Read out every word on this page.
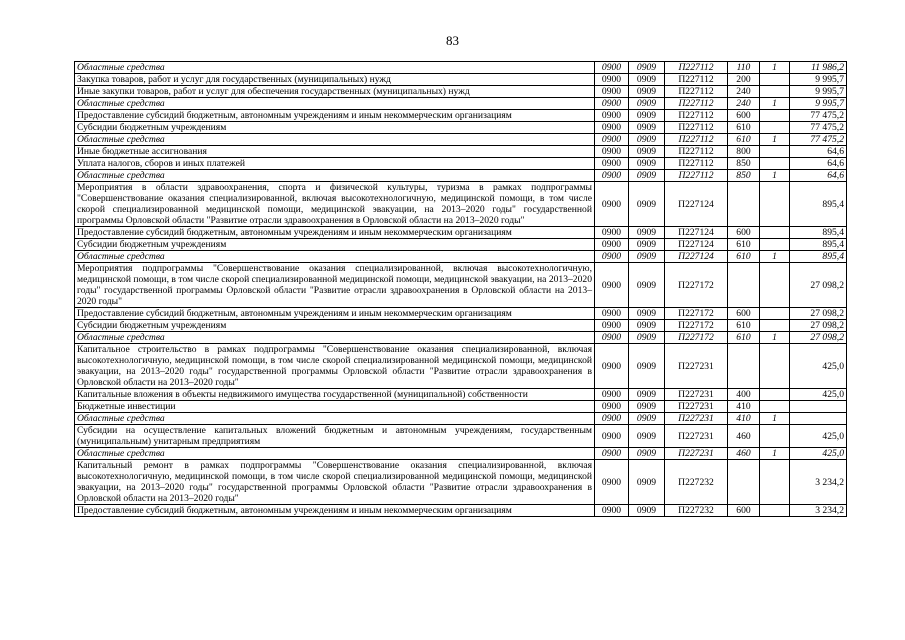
83
Областные средства	0900	0909	П227112	110	1	11 986,2
Закупка товаров, работ и услуг для государственных (муниципальных) нужд	0900	0909	П227112	200		9 995,7
Иные закупки товаров, работ и услуг для обеспечения государственных (муниципальных) нужд	0900	0909	П227112	240		9 995,7
Областные средства	0900	0909	П227112	240	1	9 995,7
Предоставление субсидий бюджетным, автономным учреждениям и иным некоммерческим организациям	0900	0909	П227112	600		77 475,2
Субсидии бюджетным учреждениям	0900	0909	П227112	610		77 475,2
Областные средства	0900	0909	П227112	610	1	77 475,2
Иные бюджетные ассигнования	0900	0909	П227112	800		64,6
Уплата налогов, сборов и иных платежей	0900	0909	П227112	850		64,6
Областные средства	0900	0909	П227112	850	1	64,6
Мероприятия в области здравоохранения, спорта и физической культуры, туризма в рамках подпрограммы "Совершенствование оказания специализированной, включая высокотехнологичную, медицинской помощи, в том числе скорой специализированной медицинской помощи, медицинской эвакуации, на 2013–2020 годы" государственной программы Орловской области "Развитие отрасли здравоохранения в Орловской области на 2013–2020 годы"	0900	0909	П227124			895,4
Предоставление субсидий бюджетным, автономным учреждениям и иным некоммерческим организациям	0900	0909	П227124	600		895,4
Субсидии бюджетным учреждениям	0900	0909	П227124	610		895,4
Областные средства	0900	0909	П227124	610	1	895,4
Мероприятия подпрограммы "Совершенствование оказания специализированной, включая высокотехнологичную, медицинской помощи, в том числе скорой специализированной медицинской помощи, медицинской эвакуации, на 2013–2020 годы" государственной программы Орловской области "Развитие отрасли здравоохранения в Орловской области на 2013–2020 годы"	0900	0909	П227172			27 098,2
Предоставление субсидий бюджетным, автономным учреждениям и иным некоммерческим организациям	0900	0909	П227172	600		27 098,2
Субсидии бюджетным учреждениям	0900	0909	П227172	610		27 098,2
Областные средства	0900	0909	П227172	610	1	27 098,2
Капитальное строительство в рамках подпрограммы "Совершенствование оказания специализированной, включая высокотехнологичную, медицинской помощи, в том числе скорой специализированной медицинской помощи, медицинской эвакуации, на 2013–2020 годы" государственной программы Орловской области "Развитие отрасли здравоохранения в Орловской области на 2013–2020 годы"	0900	0909	П227231			425,0
Капитальные вложения в объекты недвижимого имущества государственной (муниципальной) собственности	0900	0909	П227231	400		425,0
Бюджетные инвестиции	0900	0909	П227231	410		
Областные средства	0900	0909	П227231	410	1	
Субсидии на осуществление капитальных вложений бюджетным и автономным учреждениям, государственным (муниципальным) унитарным предприятиям	0900	0909	П227231	460		425,0
Областные средства	0900	0909	П227231	460	1	425,0
Капитальный ремонт в рамках подпрограммы "Совершенствование оказания специализированной, включая высокотехнологичную, медицинской помощи, в том числе скорой специализированной медицинской помощи, медицинской эвакуации, на 2013–2020 годы" государственной программы Орловской области "Развитие отрасли здравоохранения в Орловской области на 2013–2020 годы"	0900	0909	П227232			3 234,2
Предоставление субсидий бюджетным, автономным учреждениям и иным некоммерческим организациям	0900	0909	П227232	600		3 234,2
